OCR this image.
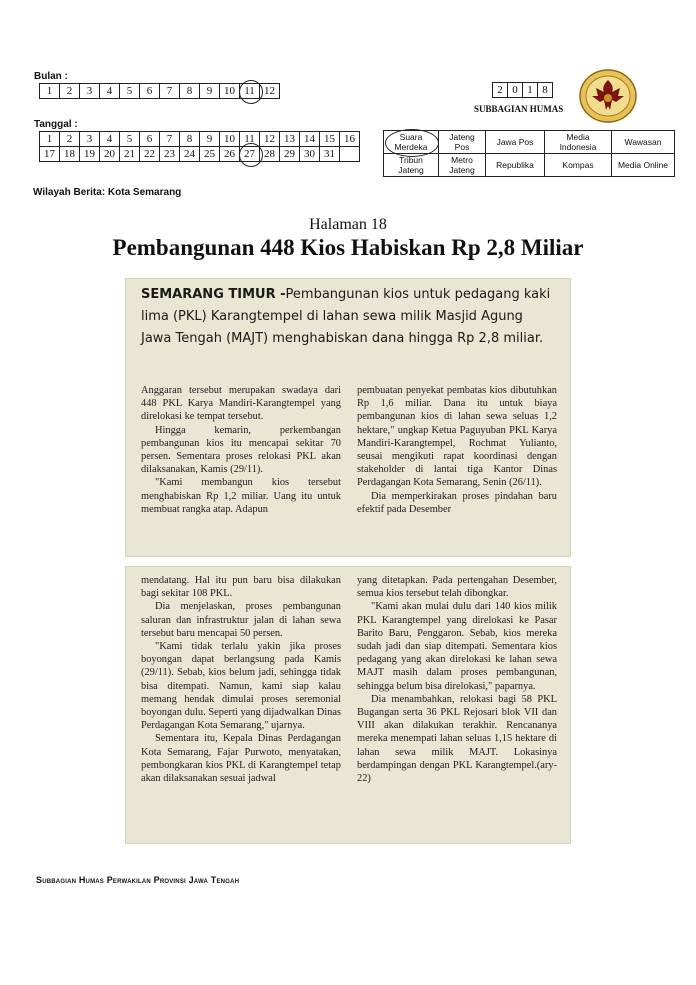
Bulan :
1	2	3	4	5	6	7	8	9	10	11	12
Tanggal :
1	2	3	4	5	6	7	8	9	10	11	12	13	14	15	16
17	18	19	20	21	22	23	24	25	26	27	28	29	30	31	
Wilayah Berita: Kota Semarang
2	0	1	8
SUBBAGIAN HUMAS
Suara Merdeka	Jateng Pos	Jawa Pos	Media Indonesia	Wawasan
Tribun Jateng	Metro Jateng	Republika	Kompas	Media Online
Halaman 18
Pembangunan 448 Kios Habiskan Rp 2,8 Miliar
SEMARANG TIMUR -Pembangunan kios untuk pedagang kaki lima (PKL) Karangtempel di lahan sewa milik Masjid Agung Jawa Tengah (MAJT) menghabiskan dana hingga Rp 2,8 miliar.

Anggaran tersebut merupakan swadaya dari 448 PKL Karya Mandiri-Karangtempel yang direlokasi ke tempat tersebut.

Hingga kemarin, perkembangan pembangunan kios itu mencapai sekitar 70 persen. Sementara proses relokasi PKL akan dilaksanakan, Kamis (29/11).

"Kami membangun kios tersebut menghabiskan Rp 1,2 miliar. Uang itu untuk membuat rangka atap. Adapun

pembuatan penyekat pembatas kios dibutuhkan Rp 1,6 miliar. Dana itu untuk biaya pembangunan kios di lahan sewa seluas 1,2 hektare," ungkap Ketua Paguyuban PKL Karya Mandiri-Karangtempel, Rochmat Yulianto, seusai mengikuti rapat koordinasi dengan stakeholder di lantai tiga Kantor Dinas Perdagangan Kota Semarang, Senin (26/11).

Dia memperkirakan proses pindahan baru efektif pada Desember

mendatang. Hal itu pun baru bisa dilakukan bagi sekitar 108 PKL.

Dia menjelaskan, proses pembangunan saluran dan infrastruktur jalan di lahan sewa tersebut baru mencapai 50 persen.

"Kami tidak terlalu yakin jika proses boyongan dapat berlangsung pada Kamis (29/11). Sebab, kios belum jadi, sehingga tidak bisa ditempati. Namun, kami siap kalau memang hendak dimulai proses seremonial boyongan dulu. Seperti yang dijadwalkan Dinas Perdagangan Kota Semarang," ujarnya.

Sementara itu, Kepala Dinas Perdagangan Kota Semarang, Fajar Purwoto, menyatakan, pembongkaran kios PKL di Karangtempel tetap akan dilaksanakan sesuai jadwal

yang ditetapkan. Pada pertengahan Desember, semua kios tersebut telah dibongkar.

"Kami akan mulai dulu dari 140 kios milik PKL Karangtempel yang direlokasi ke Pasar Barito Baru, Penggaron. Sebab, kios mereka sudah jadi dan siap ditempati. Sementara kios pedagang yang akan direlokasi ke lahan sewa MAJT masih dalam proses pembangunan, sehingga belum bisa direlokasi," paparnya.

Dia menambahkan, relokasi bagi 58 PKL Bugangan serta 36 PKL Rejosari blok VII dan VIII akan dilakukan terakhir. Rencananya mereka menempati lahan seluas 1,15 hektare di lahan sewa milik MAJT. Lokasinya berdampingan dengan PKL Karangtempel.(ary-22)

Subbagian Humas Perwakilan Provinsi Jawa Tengah
